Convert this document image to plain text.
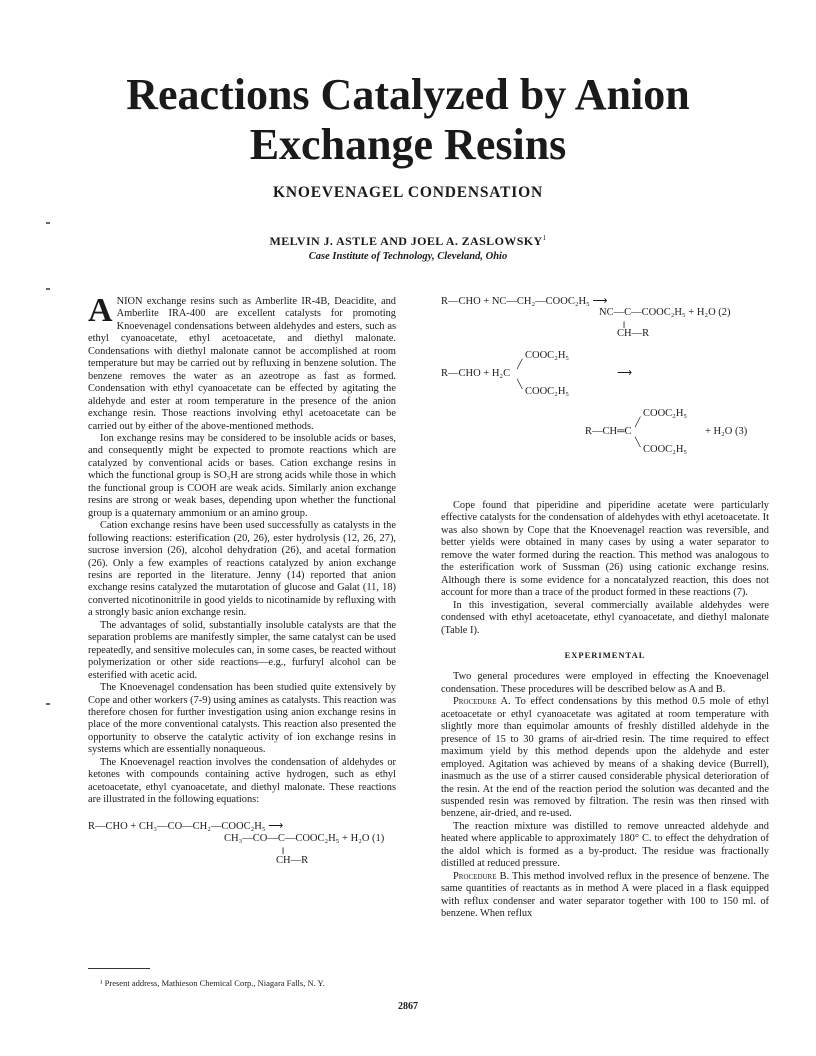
Reactions Catalyzed by Anion
Exchange Resins
KNOEVENAGEL CONDENSATION
MELVIN J. ASTLE AND JOEL A. ZASLOWSKY$^1$
Case Institute of Technology, Cleveland, Ohio

ANION exchange resins such as Amberlite IR-4B, Deacidite, and Amberlite IRA-400 are excellent catalysts for promoting Knoevenagel condensations between aldehydes and esters, such as ethyl cyanoacetate, ethyl acetoacetate, and diethyl malonate. Condensations with diethyl malonate cannot be accomplished at room temperature but may be carried out by refluxing in benzene solution. The benzene removes the water as an azeotrope as fast as formed. Condensation with ethyl cyanoacetate can be effected by agitating the aldehyde and ester at room temperature in the presence of the anion exchange resin. Those reactions involving ethyl acetoacetate can be carried out by either of the above-mentioned methods.

Ion exchange resins may be considered to be insoluble acids or bases, and consequently might be expected to promote reactions which are catalyzed by conventional acids or bases. Cation exchange resins in which the functional group is SO₃H are strong acids while those in which the functional group is COOH are weak acids. Similarly anion exchange resins are strong or weak bases, depending upon whether the functional group is a quaternary ammonium or an amino group.

Cation exchange resins have been used successfully as catalysts in the following reactions: esterification (20, 26), ester hydrolysis (12, 26, 27), sucrose inversion (26), alcohol dehydration (26), and acetal formation (26). Only a few examples of reactions catalyzed by anion exchange resins are reported in the literature. Jenny (14) reported that anion exchange resins catalyzed the mutarotation of glucose and Galat (11, 18) converted nicotinonitrile in good yields to nicotinamide by refluxing with a strongly basic anion exchange resin.

The advantages of solid, substantially insoluble catalysts are that the separation problems are manifestly simpler, the same catalyst can be used repeatedly, and sensitive molecules can, in some cases, be reacted without polymerization or other side reactions—e.g., furfuryl alcohol can be esterified with acetic acid.

The Knoevenagel condensation has been studied quite extensively by Cope and other workers (7-9) using amines as catalysts. This reaction was therefore chosen for further investigation using anion exchange resins in place of the more conventional catalysts. This reaction also presented the opportunity to observe the catalytic activity of ion exchange resins in systems which are essentially nonaqueous.

The Knoevenagel reaction involves the condensation of aldehydes or ketones with compounds containing active hydrogen, such as ethyl acetoacetate, ethyl cyanoacetate, and diethyl malonate. These reactions are illustrated in the following equations:

R—CHO + CH₃—CO—CH₂—COOC₂H₅ ⟶
CH₃—CO—C—COOC₂H₅ + H₂O (1)
‖
CH—R
R—CHO + NC—CH₂—COOC₂H₅ ⟶
NC—C—COOC₂H₅ + H₂O (2)
‖
CH—R
R—CHO + H₂C
╱
COOC₂H₅
╲
COOC₂H₅
⟶
R—CH═C
╱
COOC₂H₅
╲
COOC₂H₅
+ H₂O (3)

Cope found that piperidine and piperidine acetate were particularly effective catalysts for the condensation of aldehydes with ethyl acetoacetate. It was also shown by Cope that the Knoevenagel reaction was reversible, and better yields were obtained in many cases by using a water separator to remove the water formed during the reaction. This method was analogous to the esterification work of Sussman (26) using cationic exchange resins. Although there is some evidence for a noncatalyzed reaction, this does not account for more than a trace of the product formed in these reactions (7).

In this investigation, several commercially available aldehydes were condensed with ethyl acetoacetate, ethyl cyanoacetate, and diethyl malonate (Table I).

EXPERIMENTAL

Two general procedures were employed in effecting the Knoevenagel condensation. These procedures will be described below as A and B.

Procedure A. To effect condensations by this method 0.5 mole of ethyl acetoacetate or ethyl cyanoacetate was agitated at room temperature with slightly more than equimolar amounts of freshly distilled aldehyde in the presence of 15 to 30 grams of air-dried resin. The time required to effect maximum yield by this method depends upon the aldehyde and ester employed. Agitation was achieved by means of a shaking device (Burrell), inasmuch as the use of a stirrer caused considerable physical deterioration of the resin. At the end of the reaction period the solution was decanted and the suspended resin was removed by filtration. The resin was then rinsed with benzene, air-dried, and re-used.

The reaction mixture was distilled to remove unreacted aldehyde and heated where applicable to approximately 180° C. to effect the dehydration of the aldol which is formed as a by-product. The residue was fractionally distilled at reduced pressure.

Procedure B. This method involved reflux in the presence of benzene. The same quantities of reactants as in method A were placed in a flask equipped with reflux condenser and water separator together with 100 to 150 ml. of benzene. When reflux

¹ Present address, Mathieson Chemical Corp., Niagara Falls, N. Y.
2867
